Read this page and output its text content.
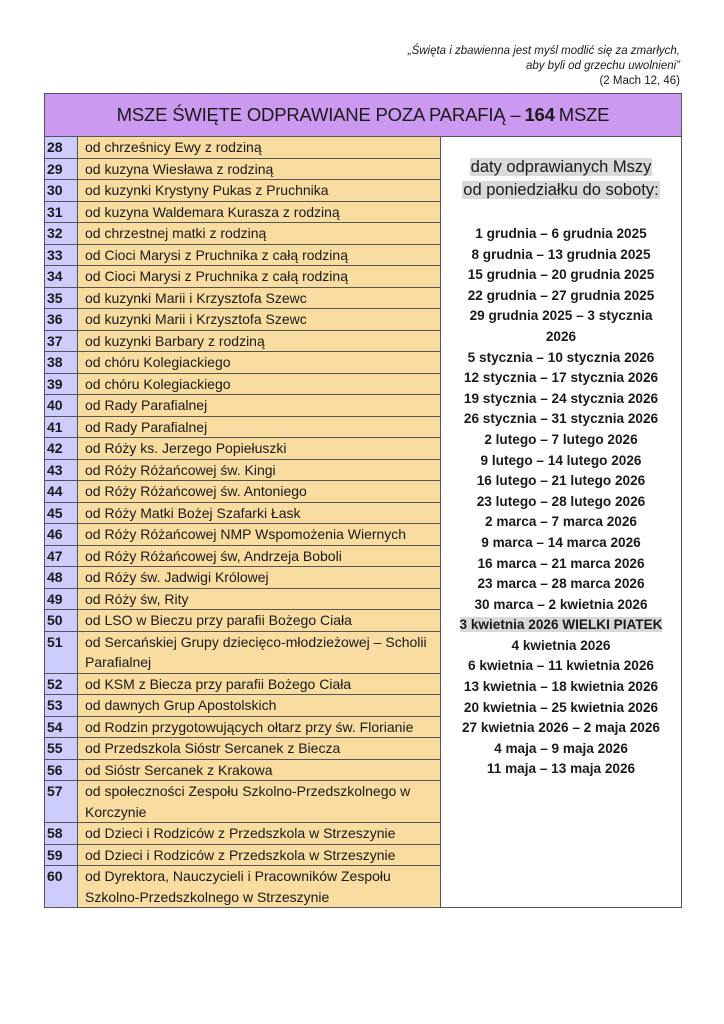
„Święta i zbawienna jest myśl modlić się za zmarłych,
aby byli od grzechu uwolnieni”
(2 Mach 12, 46)
MSZE ŚWIĘTE ODPRAWIANE POZA PARAFIĄ – 164 MSZE
28	od chrześnicy Ewy z rodziną
29	od kuzyna Wiesława z rodziną
30	od kuzynki Krystyny Pukas z Pruchnika
31	od kuzyna Waldemara Kurasza z rodziną
32	od chrzestnej matki z rodziną
33	od Cioci Marysi z Pruchnika z całą rodziną
34	od Cioci Marysi z Pruchnika z całą rodziną
35	od kuzynki Marii i Krzysztofa Szewc
36	od kuzynki Marii i Krzysztofa Szewc
37	od kuzynki Barbary z rodziną
38	od chóru Kolegiackiego
39	od chóru Kolegiackiego
40	od Rady Parafialnej
41	od Rady Parafialnej
42	od Róży ks. Jerzego Popiełuszki
43	od Róży Różańcowej św. Kingi
44	od Róży Różańcowej św. Antoniego
45	od Róży Matki Bożej Szafarki Łask
46	od Róży Różańcowej NMP Wspomożenia Wiernych
47	od Róży Różańcowej św, Andrzeja Boboli
48	od Róży św. Jadwigi Królowej
49	od Róży św, Rity
50	od LSO w Bieczu przy parafii Bożego Ciała
51	od Sercańskiej Grupy dziecięco-młodzieżowej – Scholii Parafialnej
52	od KSM z Biecza przy parafii Bożego Ciała
53	od dawnych Grup Apostolskich
54	od Rodzin przygotowujących ołtarz przy św. Florianie
55	od Przedszkola Sióstr Sercanek z Biecza
56	od Sióstr Sercanek z Krakowa
57	od społeczności Zespołu Szkolno-Przedszkolnego w Korczynie
58	od Dzieci i Rodziców z Przedszkola w Strzeszynie
59	od Dzieci i Rodziców z Przedszkola w Strzeszynie
60	od Dyrektora, Nauczycieli i Pracowników Zespołu Szkolno-Przedszkolnego w Strzeszynie
daty odprawianych Mszy
od poniedziałku do soboty:
1 grudnia – 6 grudnia 2025
8 grudnia – 13 grudnia 2025
15 grudnia – 20 grudnia 2025
22 grudnia – 27 grudnia 2025
29 grudnia 2025 – 3 stycznia
2026
5 stycznia – 10 stycznia 2026
12 stycznia – 17 stycznia 2026
19 stycznia – 24 stycznia 2026
26 stycznia – 31 stycznia 2026
2 lutego – 7 lutego 2026
9 lutego – 14 lutego 2026
16 lutego – 21 lutego 2026
23 lutego – 28 lutego 2026
2 marca – 7 marca 2026
9 marca – 14 marca 2026
16 marca – 21 marca 2026
23 marca – 28 marca 2026
30 marca – 2 kwietnia 2026
3 kwietnia 2026 WIELKI PIATEK
4 kwietnia 2026
6 kwietnia – 11 kwietnia 2026
13 kwietnia – 18 kwietnia 2026
20 kwietnia – 25 kwietnia 2026
27 kwietnia 2026 – 2 maja 2026
4 maja – 9 maja 2026
11 maja – 13 maja 2026
